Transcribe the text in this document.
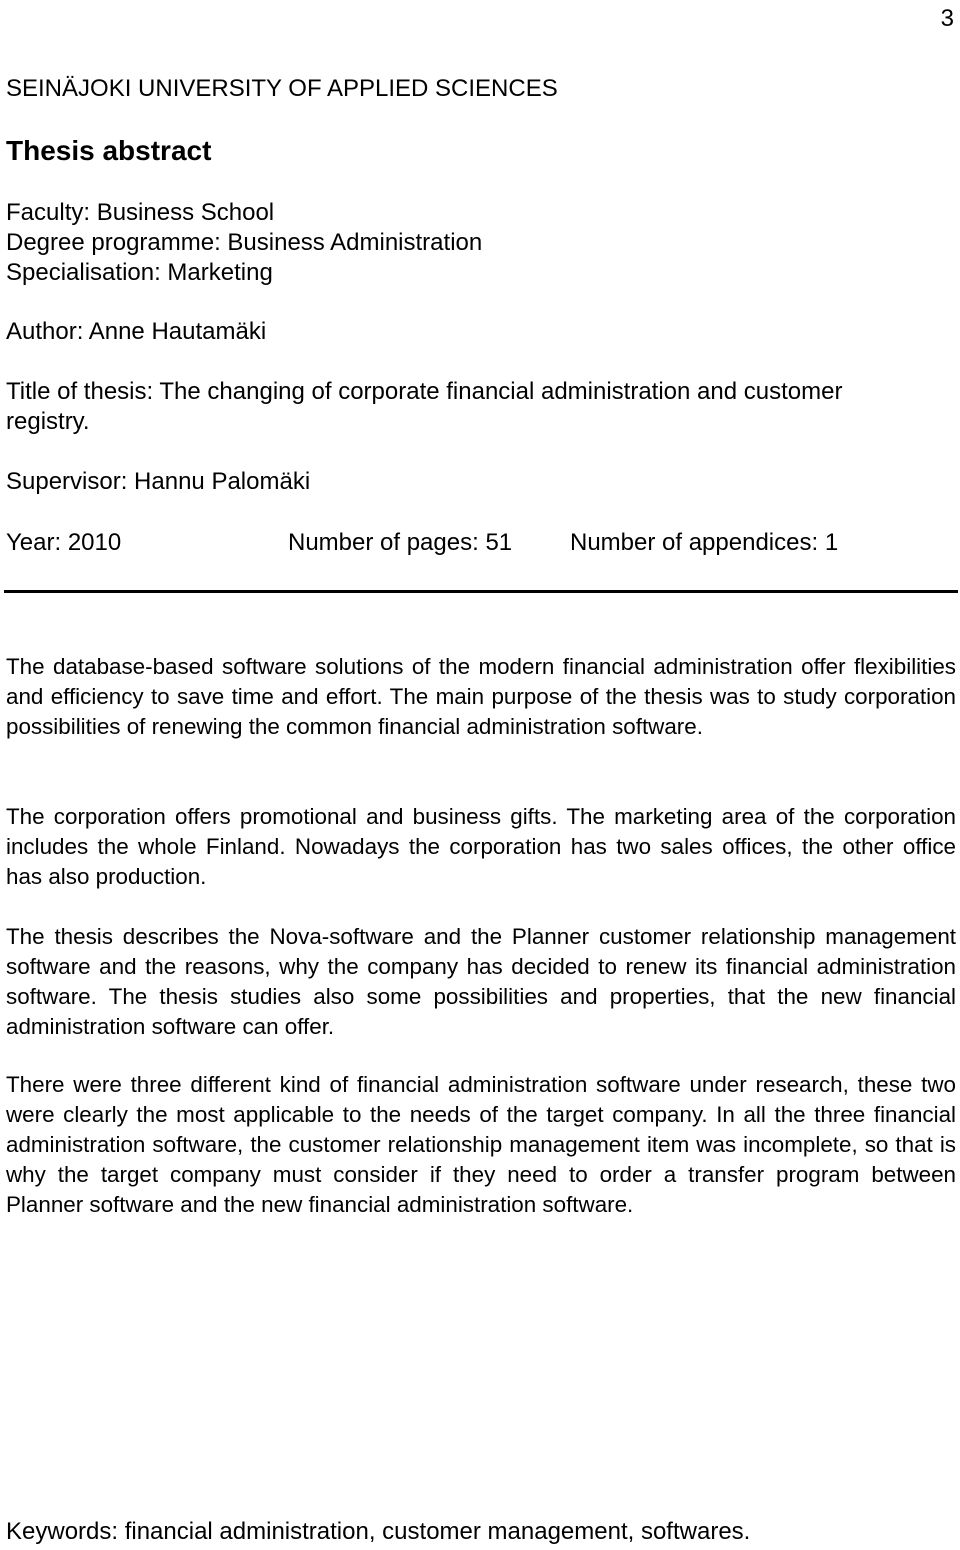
3
SEINÄJOKI UNIVERSITY OF APPLIED SCIENCES
Thesis abstract
Faculty: Business School
Degree programme: Business Administration
Specialisation: Marketing
Author: Anne Hautamäki
Title of thesis: The changing of corporate financial administration and customer
registry.
Supervisor: Hannu Palomäki
Year: 2010	Number of pages: 51 Number of appendices: 1
The database-based software solutions of the modern financial administration offer flexibilities and efficiency to save time and effort. The main purpose of the thesis was to study corporation possibilities of renewing the common financial administration software.
The corporation offers promotional and business gifts. The marketing area of the corporation includes the whole Finland. Nowadays the corporation has two sales offices, the other office has also production.
The thesis describes the Nova-software and the Planner customer relationship management software and the reasons, why the company has decided to renew its financial administration software. The thesis studies also some possibilities and properties, that the new financial administration software can offer.
There were three different kind of financial administration software under research, these two were clearly the most applicable to the needs of the target company. In all the three financial administration software, the customer relationship management item was incomplete, so that is why the target company must consider if they need to order a transfer program between Planner software and the new financial administration software.
Keywords: financial administration, customer management, softwares.
